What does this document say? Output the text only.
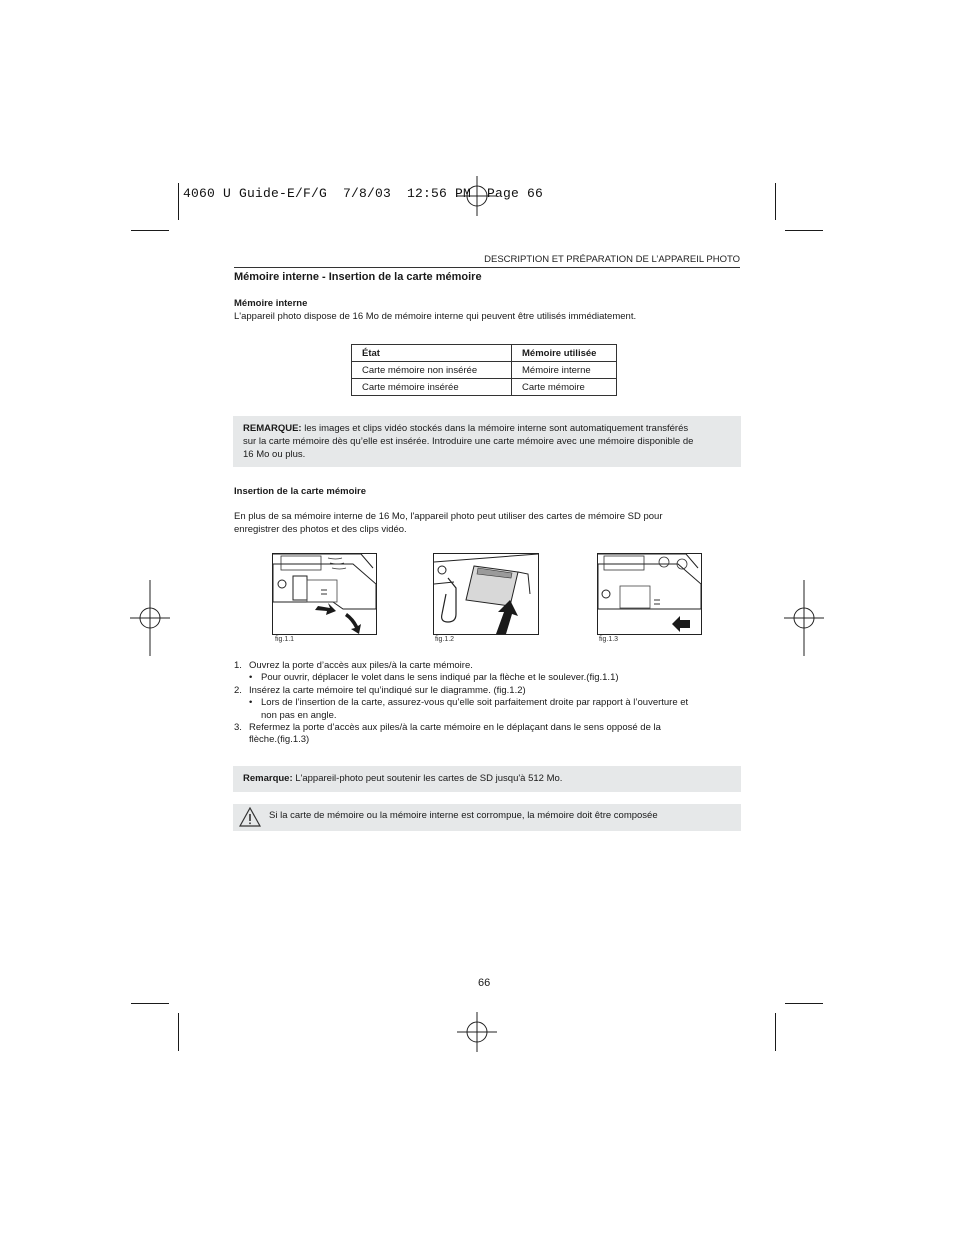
4060 U Guide-E/F/G  7/8/03  12:56 PM  Page 66
DESCRIPTION ET PRÉPARATION DE L’APPAREIL PHOTO
Mémoire interne - Insertion de la carte mémoire
Mémoire interne
L'appareil photo dispose de 16 Mo de mémoire interne qui peuvent être utilisés immédiatement.
État	Mémoire utilisée
Carte mémoire non insérée	Mémoire interne
Carte mémoire insérée	Carte mémoire
REMARQUE: les images et clips vidéo stockés dans la mémoire interne sont automatiquement transférés
sur la carte mémoire dès qu’elle est insérée. Introduire une carte mémoire avec une mémoire disponible de
16 Mo ou plus.
Insertion de la carte mémoire
En plus de sa mémoire interne de 16 Mo, l'appareil photo peut utiliser des cartes de mémoire SD pour
enregistrer des photos et des clips vidéo.
fig.1.1	fig.1.2	fig.1.3
1. Ouvrez la porte d’accès aux piles/à la carte mémoire.
• Pour ouvrir, déplacer le volet dans le sens indiqué par la flèche et le soulever.(fig.1.1)
2. Insérez la carte mémoire tel qu’indiqué sur le diagramme. (fig.1.2)
• Lors de l’insertion de la carte, assurez-vous qu’elle soit parfaitement droite par rapport à l’ouverture et
non pas en angle.
3. Refermez la porte d’accès aux piles/à la carte mémoire en le déplaçant dans le sens opposé de la
flèche.(fig.1.3)
Remarque: L'appareil-photo peut soutenir les cartes de SD jusqu'à 512 Mo.
Si la carte de mémoire ou la mémoire interne est corrompue, la mémoire doit être composée
66
